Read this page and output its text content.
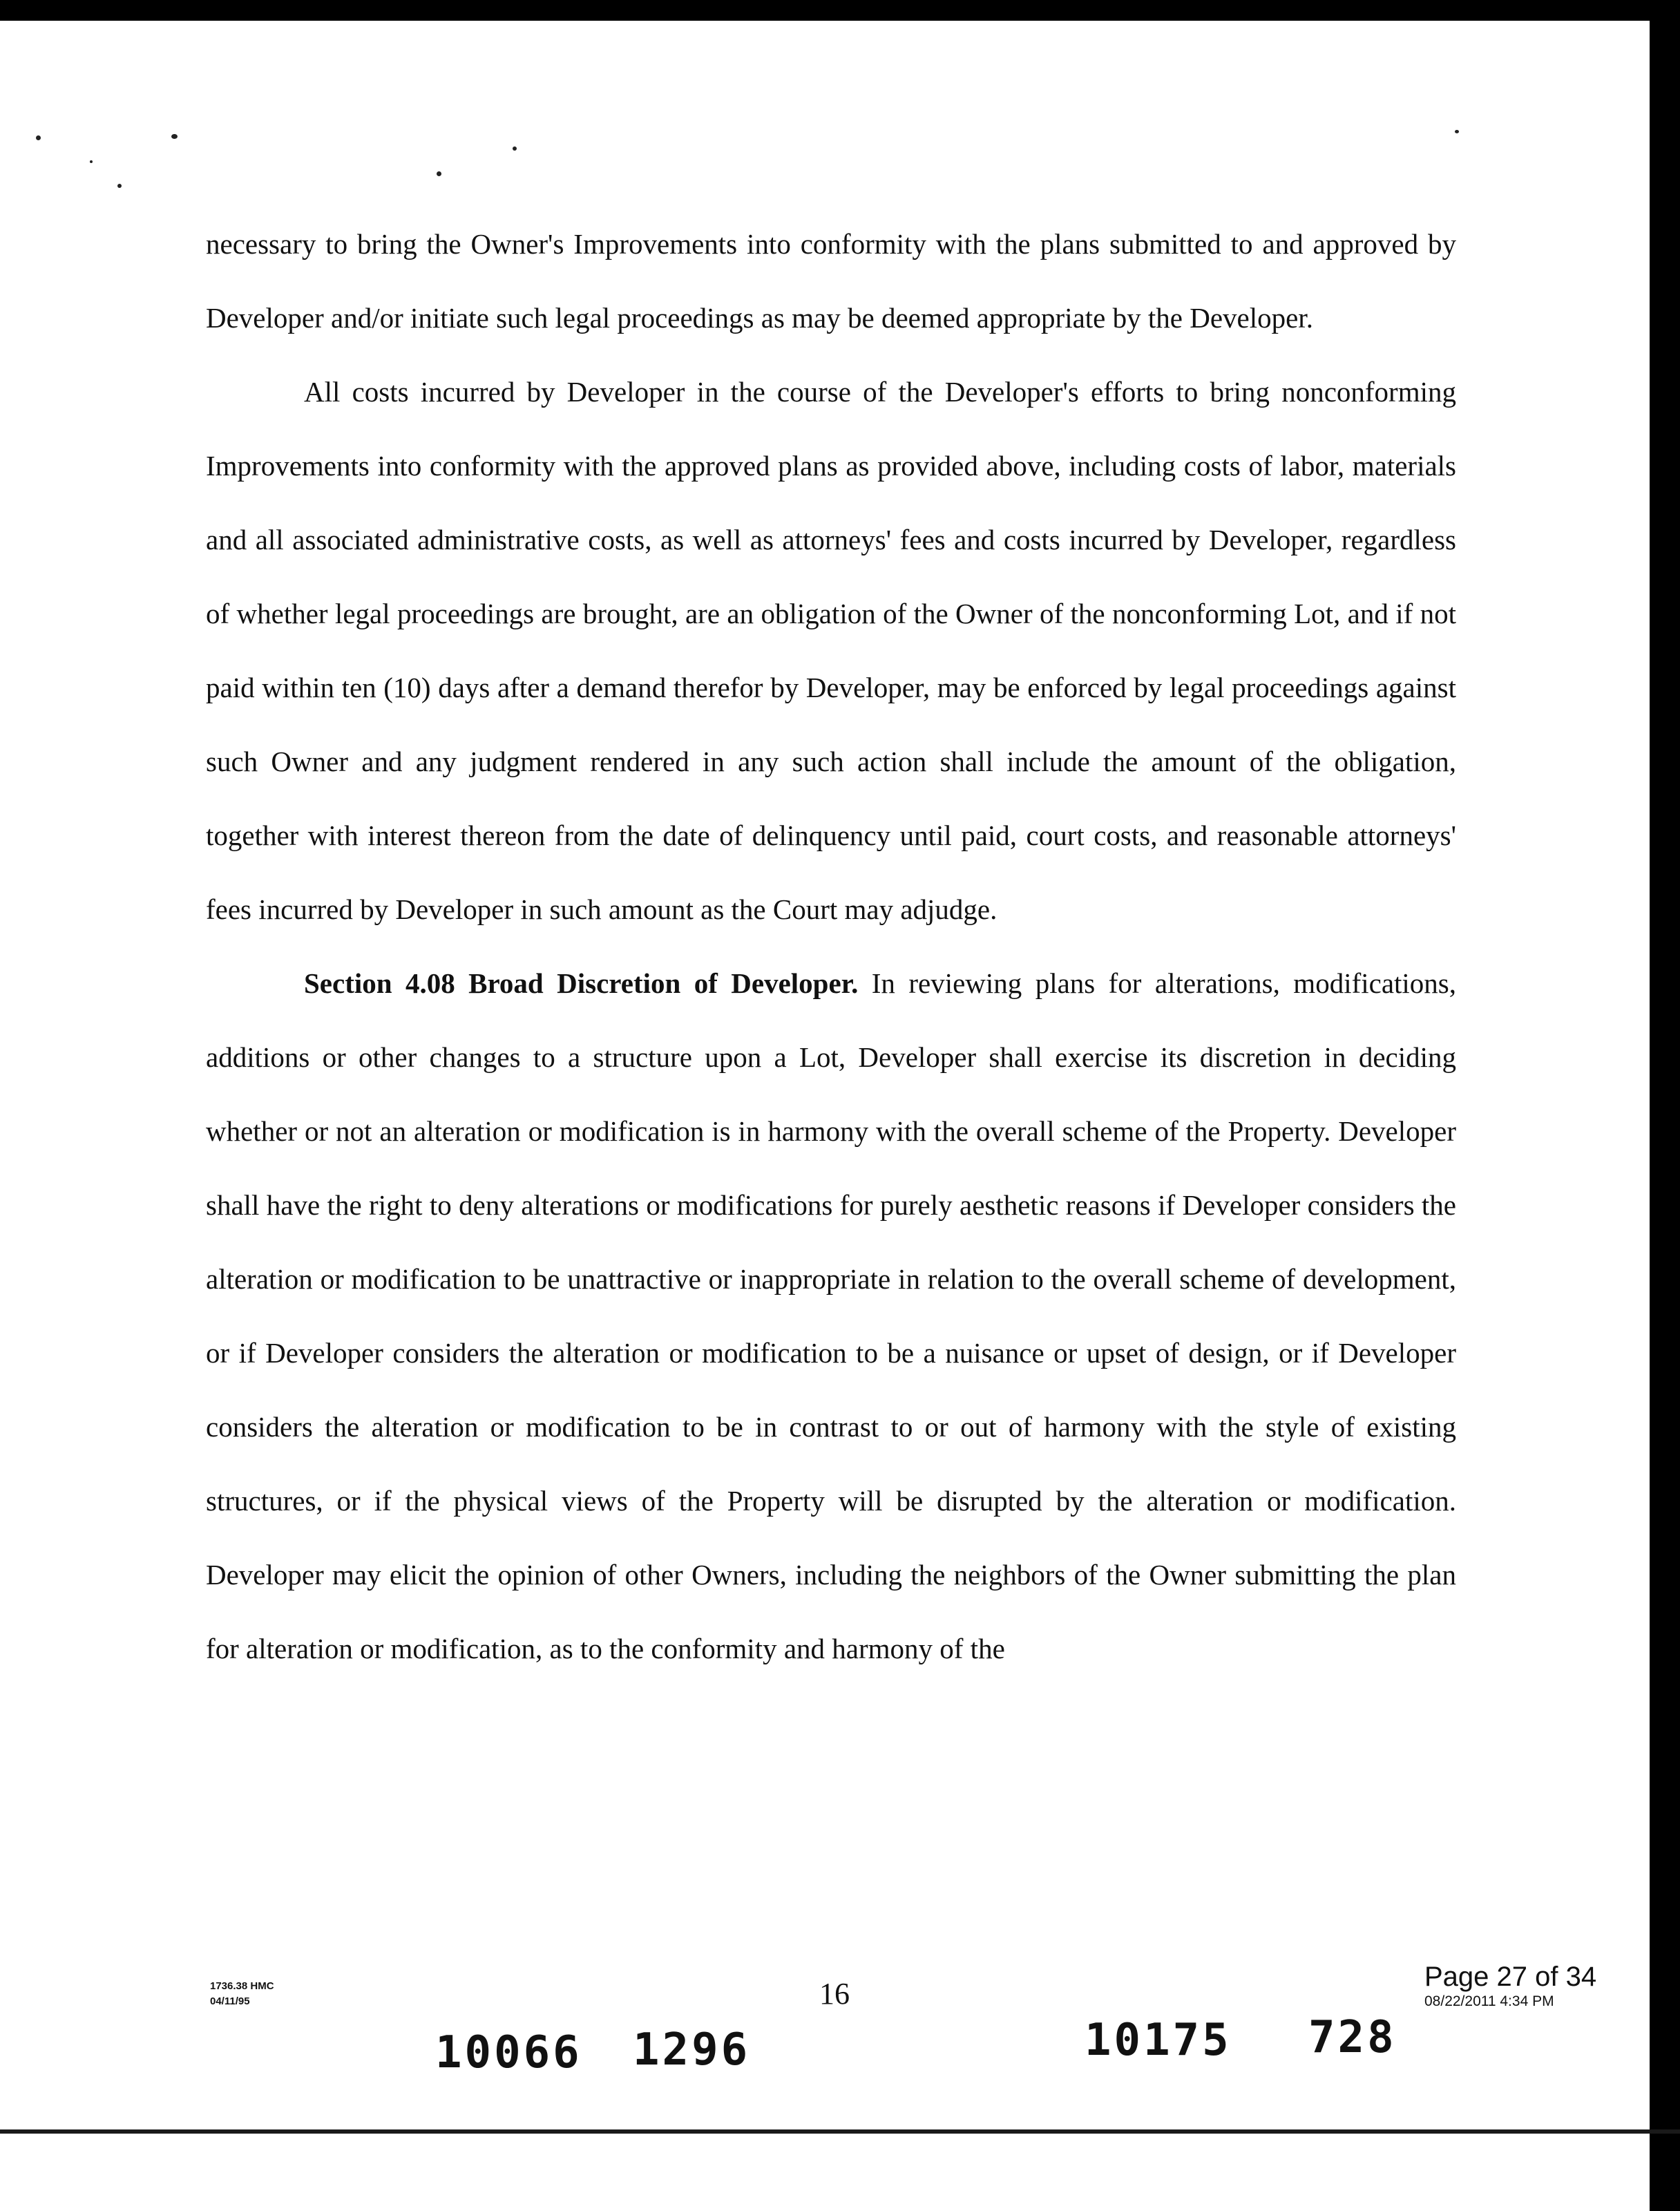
necessary to bring the Owner's Improvements into conformity with the plans submitted to and approved by Developer and/or initiate such legal proceedings as may be deemed appropriate by the Developer.

All costs incurred by Developer in the course of the Developer's efforts to bring nonconforming Improvements into conformity with the approved plans as provided above, including costs of labor, materials and all associated administrative costs, as well as attorneys' fees and costs incurred by Developer, regardless of whether legal proceedings are brought, are an obligation of the Owner of the nonconforming Lot, and if not paid within ten (10) days after a demand therefor by Developer, may be enforced by legal proceedings against such Owner and any judgment rendered in any such action shall include the amount of the obligation, together with interest thereon from the date of delinquency until paid, court costs, and reasonable attorneys' fees incurred by Developer in such amount as the Court may adjudge.

Section 4.08 Broad Discretion of Developer. In reviewing plans for alterations, modifications, additions or other changes to a structure upon a Lot, Developer shall exercise its discretion in deciding whether or not an alteration or modification is in harmony with the overall scheme of the Property. Developer shall have the right to deny alterations or modifications for purely aesthetic reasons if Developer considers the alteration or modification to be unattractive or inappropriate in relation to the overall scheme of development, or if Developer considers the alteration or modification to be a nuisance or upset of design, or if Developer considers the alteration or modification to be in contrast to or out of harmony with the style of existing structures, or if the physical views of the Property will be disrupted by the alteration or modification. Developer may elicit the opinion of other Owners, including the neighbors of the Owner submitting the plan for alteration or modification, as to the conformity and harmony of the

1736.38 HMC
04/11/95	16	Page 27 of 34
08/22/2011 4:34 PM
10066 1296	10175 728
